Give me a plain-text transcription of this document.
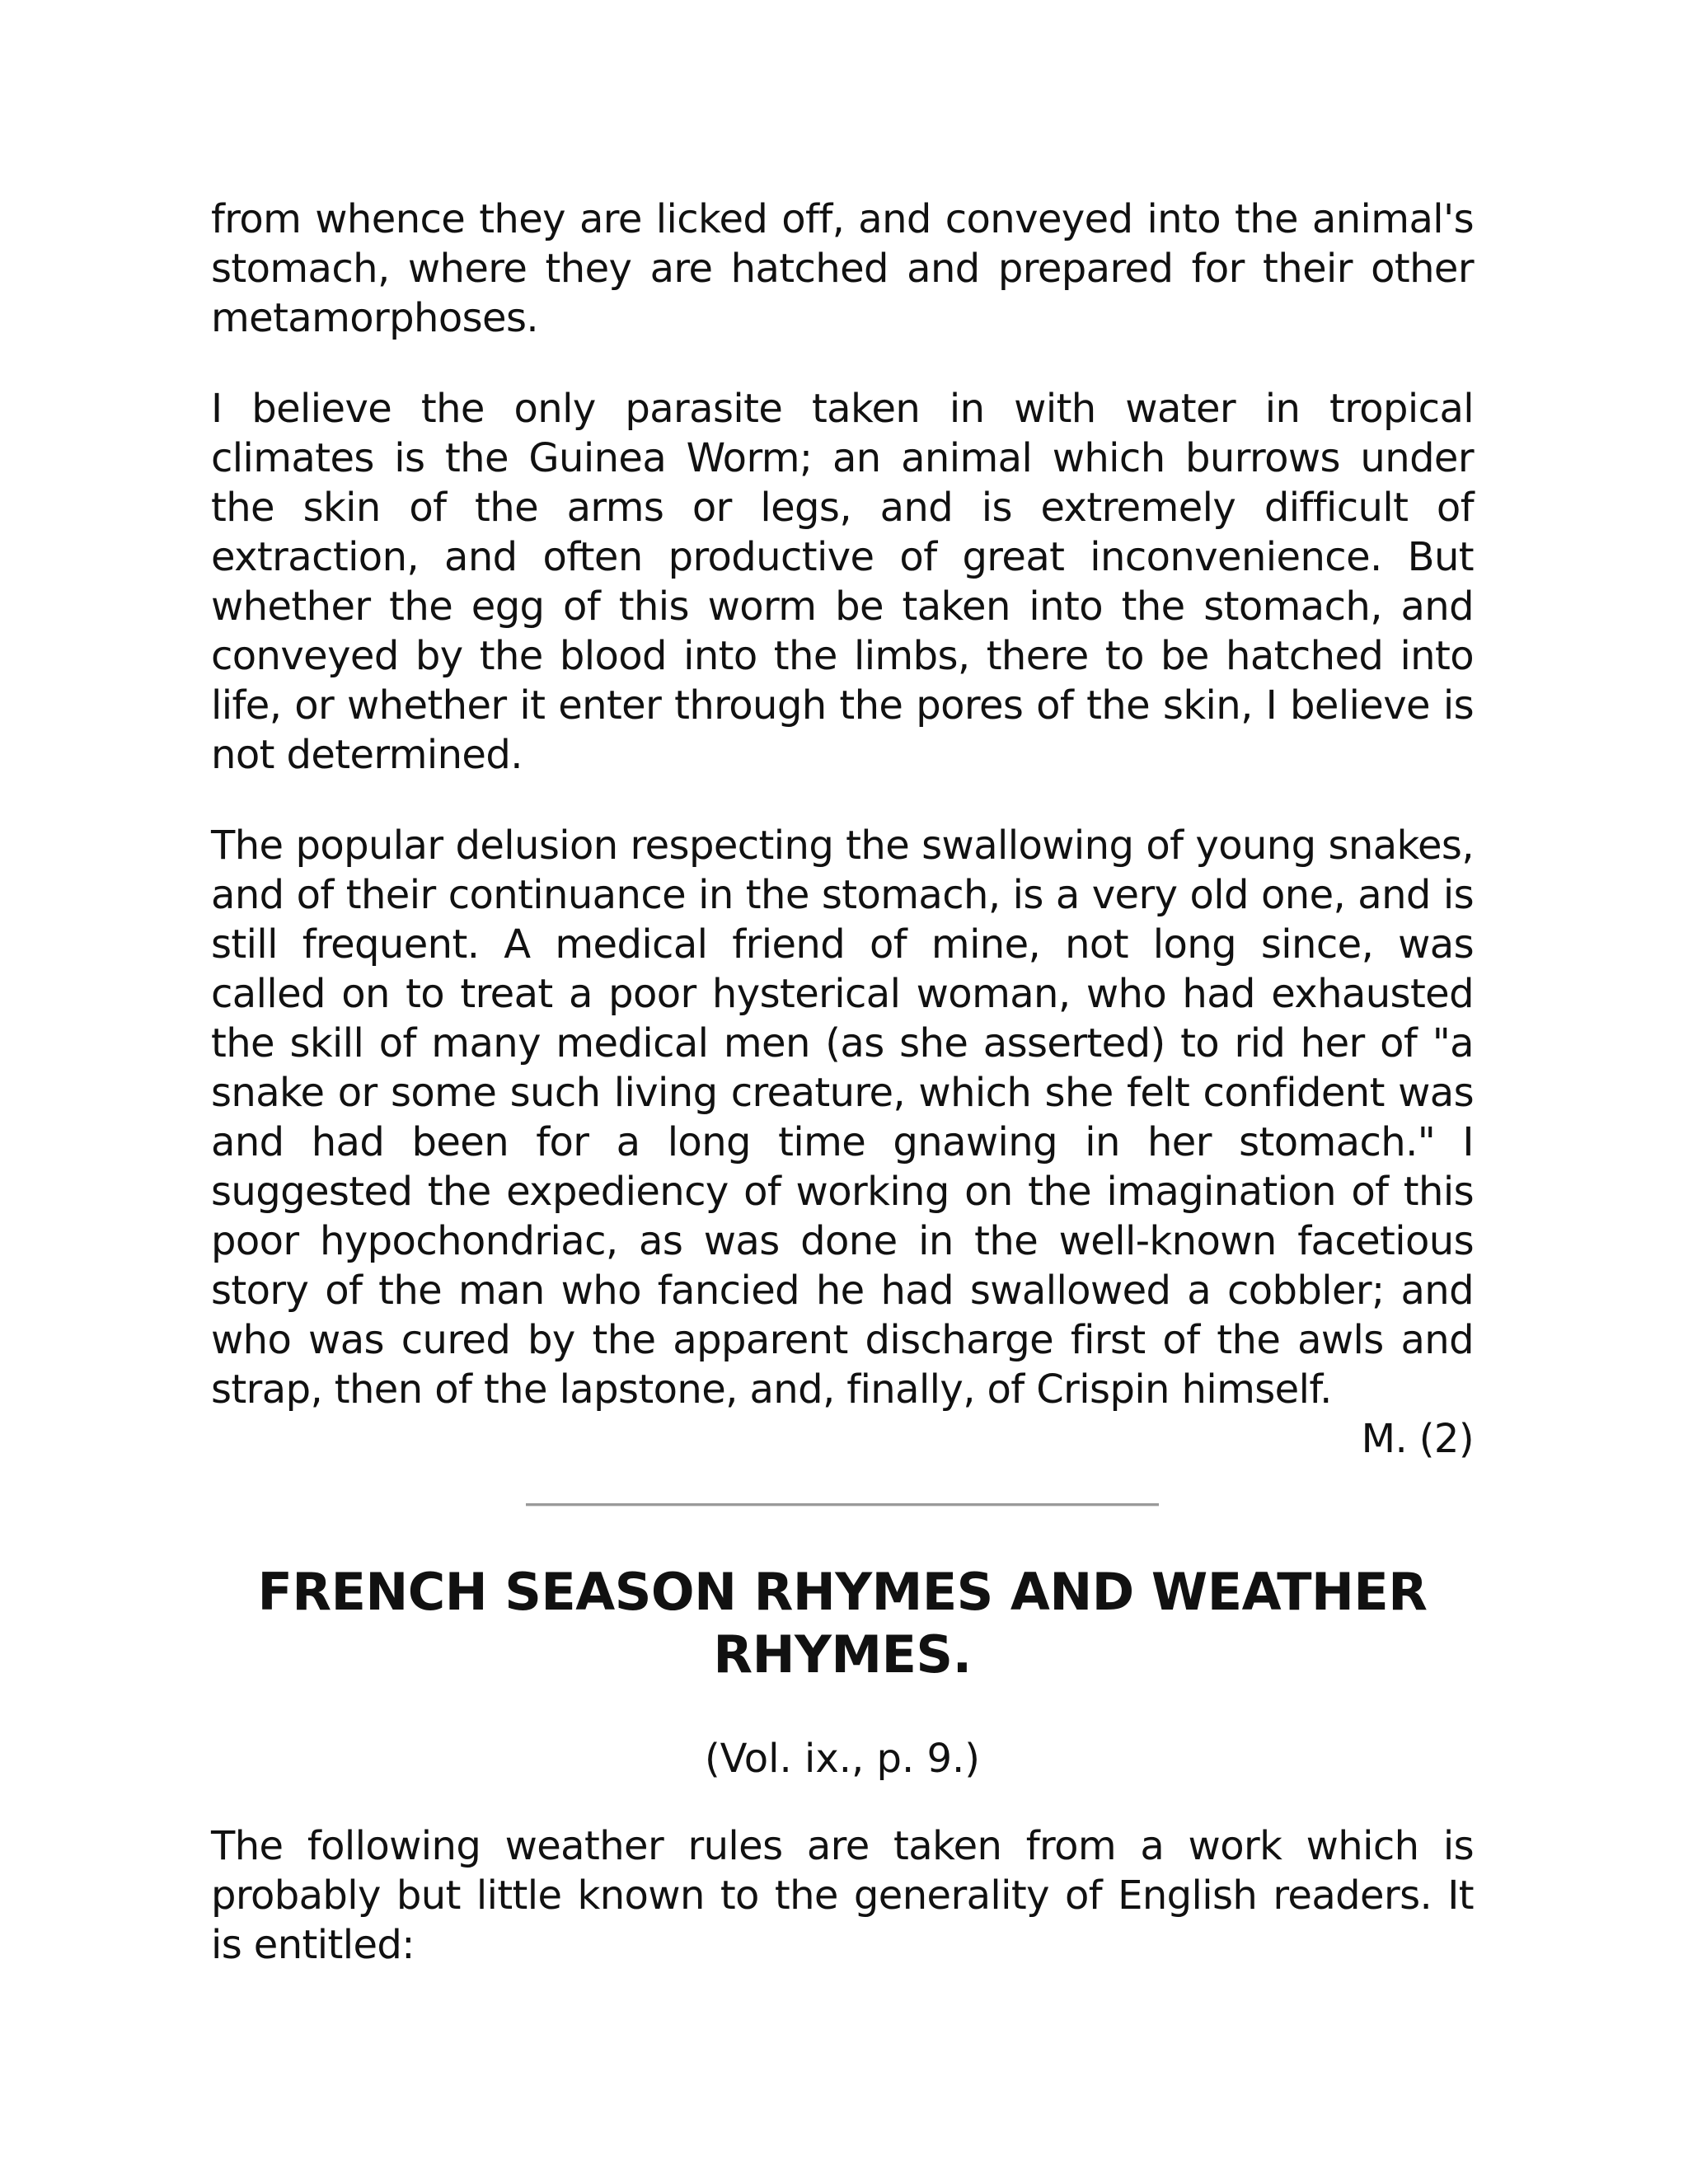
from whence they are licked off, and conveyed into the animal's stomach, where they are hatched and prepared for their other metamorphoses.

I believe the only parasite taken in with water in tropical climates is the Guinea Worm; an animal which burrows under the skin of the arms or legs, and is extremely difficult of extraction, and often productive of great inconvenience. But whether the egg of this worm be taken into the stomach, and conveyed by the blood into the limbs, there to be hatched into life, or whether it enter through the pores of the skin, I believe is not determined.

The popular delusion respecting the swallowing of young snakes, and of their continuance in the stomach, is a very old one, and is still frequent. A medical friend of mine, not long since, was called on to treat a poor hysterical woman, who had exhausted the skill of many medical men (as she asserted) to rid her of "a snake or some such living creature, which she felt confident was and had been for a long time gnawing in her stomach." I suggested the expediency of working on the imagination of this poor hypochondriac, as was done in the well-known facetious story of the man who fancied he had swallowed a cobbler; and who was cured by the apparent discharge first of the awls and strap, then of the lapstone, and, finally, of Crispin himself.

M. (2)

FRENCH SEASON RHYMES AND WEATHER RHYMES.

(Vol. ix., p. 9.)

The following weather rules are taken from a work which is probably but little known to the generality of English readers. It is entitled:
